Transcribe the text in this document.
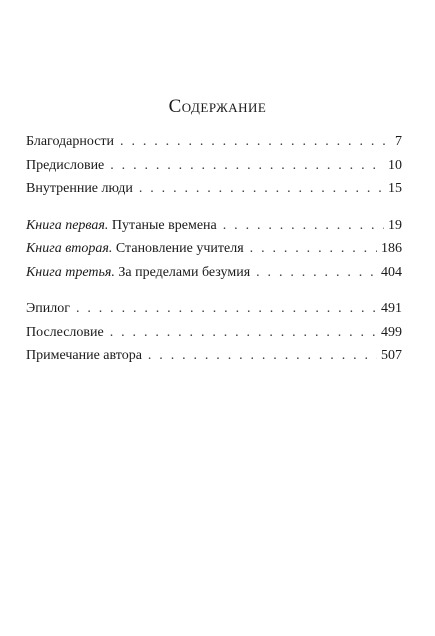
Содержание
Благодарности . . .	7
Предисловие . . .	10
Внутренние люди . . .	15
Книга первая. Путаные времена . . .	19
Книга вторая. Становление учителя . . .	186
Книга третья. За пределами безумия . . .	404
Эпилог . . .	491
Послесловие . . .	499
Примечание автора . . .	507
